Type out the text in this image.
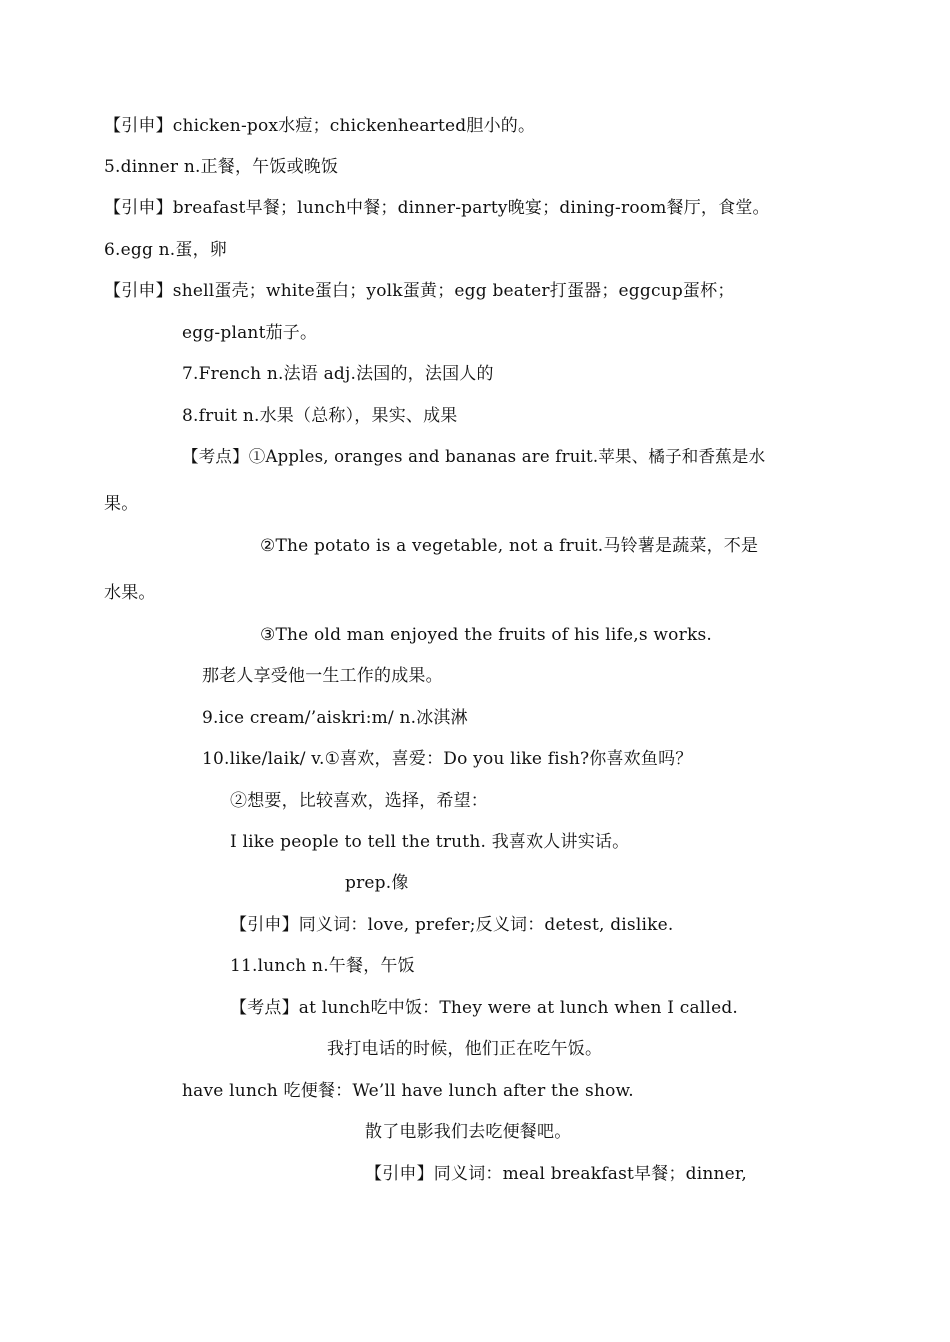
【引申】chicken-pox水痘；chickenhearted胆小的。
5.dinner n.正餐，午饭或晚饭
【引申】breafast早餐；lunch中餐；dinner-party晚宴；dining-room餐厅，食堂。
6.egg n.蛋，卵
【引申】shell蛋壳；white蛋白；yolk蛋黄；egg beater打蛋器；eggcup蛋杯；
egg-plant茄子。
7.French n.法语 adj.法国的，法国人的
8.fruit n.水果（总称），果实、成果
【考点】①Apples, oranges and bananas are fruit.苹果、橘子和香蕉是水
果。
②The potato is a vegetable, not a fruit.马铃薯是蔬菜，不是
水果。
③The old man enjoyed the fruits of his life,s works.
那老人享受他一生工作的成果。
9.ice cream/’aiskri:m/ n.冰淇淋
10.like/laik/ v.①喜欢，喜爱：Do you like fish?你喜欢鱼吗？
②想要，比较喜欢，选择，希望：
I like people to tell the truth. 我喜欢人讲实话。
prep.像
【引申】同义词：love, prefer;反义词：detest, dislike.
11.lunch n.午餐，午饭
【考点】at lunch吃中饭：They were at lunch when I called.
我打电话的时候，他们正在吃午饭。
have lunch 吃便餐：We’ll have lunch after the show.
散了电影我们去吃便餐吧。
【引申】同义词：meal breakfast早餐；dinner,
